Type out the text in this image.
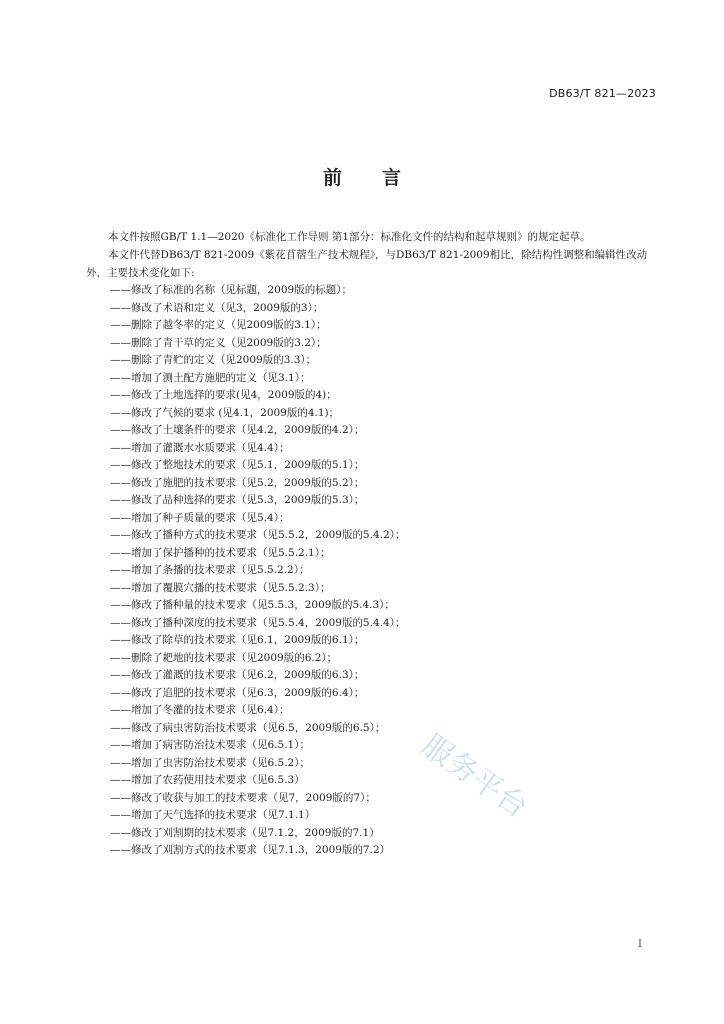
DB63/T 821—2023
前 言
本文件按照GB/T 1.1—2020《标准化工作导则 第1部分：标准化文件的结构和起草规则》的规定起草。
本文件代替DB63/T 821-2009《紫花苜蓿生产技术规程》，与DB63/T 821-2009相比，除结构性调整和编辑性改动外，主要技术变化如下:
——修改了标准的名称（见标题，2009版的标题）；
——修改了术语和定义（见3，2009版的3）；
——删除了越冬率的定义（见2009版的3.1）；
——删除了青干草的定义（见2009版的3.2）；
——删除了青贮的定义（见2009版的3.3）；
——增加了测土配方施肥的定义（见3.1）；
——修改了土地选择的要求(见4，2009版的4)；
——修改了气候的要求 (见4.1，2009版的4.1)；
——修改了土壤条件的要求（见4.2，2009版的4.2）；
——增加了灌溉水水质要求（见4.4）；
——修改了整地技术的要求（见5.1，2009版的5.1）；
——修改了施肥的技术要求（见5.2，2009版的5.2）；
——修改了品种选择的要求（见5.3，2009版的5.3）；
——增加了种子质量的要求（见5.4）；
——修改了播种方式的技术要求（见5.5.2，2009版的5.4.2）；
——增加了保护播种的技术要求（见5.5.2.1）；
——增加了条播的技术要求（见5.5.2.2）；
——增加了覆膜穴播的技术要求（见5.5.2.3）；
——修改了播种量的技术要求（见5.5.3，2009版的5.4.3）；
——修改了播种深度的技术要求（见5.5.4，2009版的5.4.4）；
——修改了除草的技术要求（见6.1，2009版的6.1）；
——删除了耙地的技术要求（见2009版的6.2）；
——修改了灌溉的技术要求（见6.2，2009版的6.3）；
——修改了追肥的技术要求（见6.3，2009版的6.4）；
——增加了冬灌的技术要求（见6.4）；
——修改了病虫害防治技术要求（见6.5，2009版的6.5）；
——增加了病害防治技术要求（见6.5.1）；
——增加了虫害防治技术要求（见6.5.2）；
——增加了农药使用技术要求（见6.5.3）
——修改了收获与加工的技术要求（见7，2009版的7）；
——增加了天气选择的技术要求（见7.1.1）
——修改了刈割期的技术要求（见7.1.2，2009版的7.1）
——修改了刈割方式的技术要求（见7.1.3，2009版的7.2）
服务平台
I
